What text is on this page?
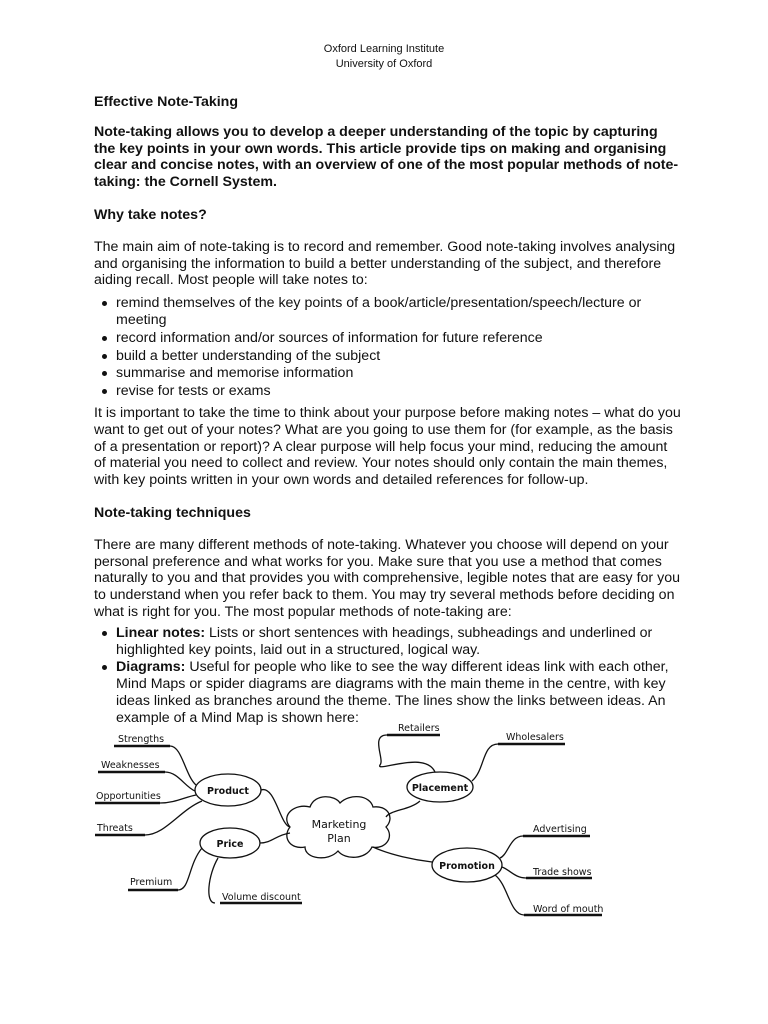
Oxford Learning Institute
University of Oxford

Effective Note-Taking

Note-taking allows you to develop a deeper understanding of the topic by capturing the key points in your own words. This article provide tips on making and organising clear and concise notes, with an overview of one of the most popular methods of note-taking: the Cornell System.

Why take notes?

The main aim of note-taking is to record and remember. Good note-taking involves analysing and organising the information to build a better understanding of the subject, and therefore aiding recall. Most people will take notes to:

remind themselves of the key points of a book/article/presentation/speech/lecture or meeting
record information and/or sources of information for future reference
build a better understanding of the subject
summarise and memorise information
revise for tests or exams

It is important to take the time to think about your purpose before making notes – what do you want to get out of your notes? What are you going to use them for (for example, as the basis of a presentation or report)? A clear purpose will help focus your mind, reducing the amount of material you need to collect and review. Your notes should only contain the main themes, with key points written in your own words and detailed references for follow-up.

Note-taking techniques

There are many different methods of note-taking. Whatever you choose will depend on your personal preference and what works for you. Make sure that you use a method that comes naturally to you and that provides you with comprehensive, legible notes that are easy for you to understand when you refer back to them. You may try several methods before deciding on what is right for you. The most popular methods of note-taking are:

Linear notes: Lists or short sentences with headings, subheadings and underlined or highlighted key points, laid out in a structured, logical way.
Diagrams: Useful for people who like to see the way different ideas link with each other, Mind Maps or spider diagrams are diagrams with the main theme in the centre, with key ideas linked as branches around the theme. The lines show the links between ideas. An example of a Mind Map is shown here:
Strengths
Weaknesses
Opportunities
Threats
Premium
Volume discount
Retailers
Wholesalers
Advertising
Trade shows
Word of mouth
Product
Price
Placement
Promotion
Marketing
Plan
